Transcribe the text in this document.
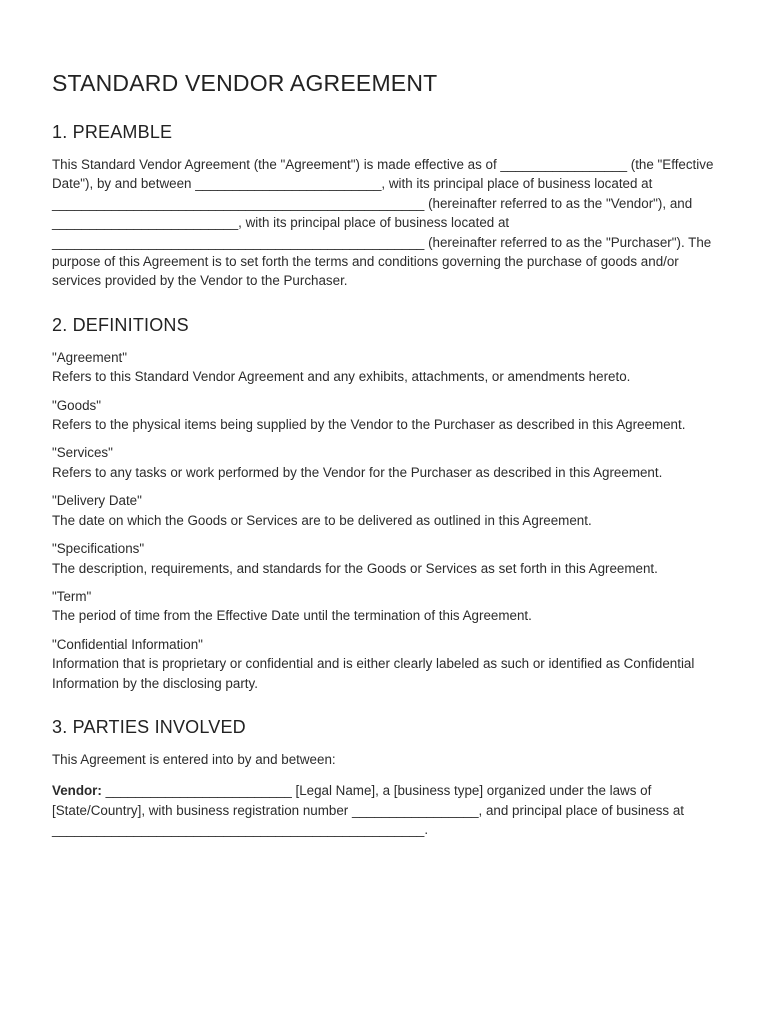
STANDARD VENDOR AGREEMENT
1. PREAMBLE

This Standard Vendor Agreement (the "Agreement") is made effective as of _________________ (the "Effective Date"), by and between _________________________, with its principal place of business located at __________________________________________________ (hereinafter referred to as the "Vendor"), and _________________________, with its principal place of business located at __________________________________________________ (hereinafter referred to as the "Purchaser"). The purpose of this Agreement is to set forth the terms and conditions governing the purchase of goods and/or services provided by the Vendor to the Purchaser.

2. DEFINITIONS
"Agreement"
Refers to this Standard Vendor Agreement and any exhibits, attachments, or amendments hereto.
"Goods"
Refers to the physical items being supplied by the Vendor to the Purchaser as described in this Agreement.
"Services"
Refers to any tasks or work performed by the Vendor for the Purchaser as described in this Agreement.
"Delivery Date"
The date on which the Goods or Services are to be delivered as outlined in this Agreement.
"Specifications"
The description, requirements, and standards for the Goods or Services as set forth in this Agreement.
"Term"
The period of time from the Effective Date until the termination of this Agreement.
"Confidential Information"
Information that is proprietary or confidential and is either clearly labeled as such or identified as Confidential Information by the disclosing party.
3. PARTIES INVOLVED

This Agreement is entered into by and between:

Vendor: _________________________ [Legal Name], a [business type] organized under the laws of [State/Country], with business registration number _________________, and principal place of business at __________________________________________________.
